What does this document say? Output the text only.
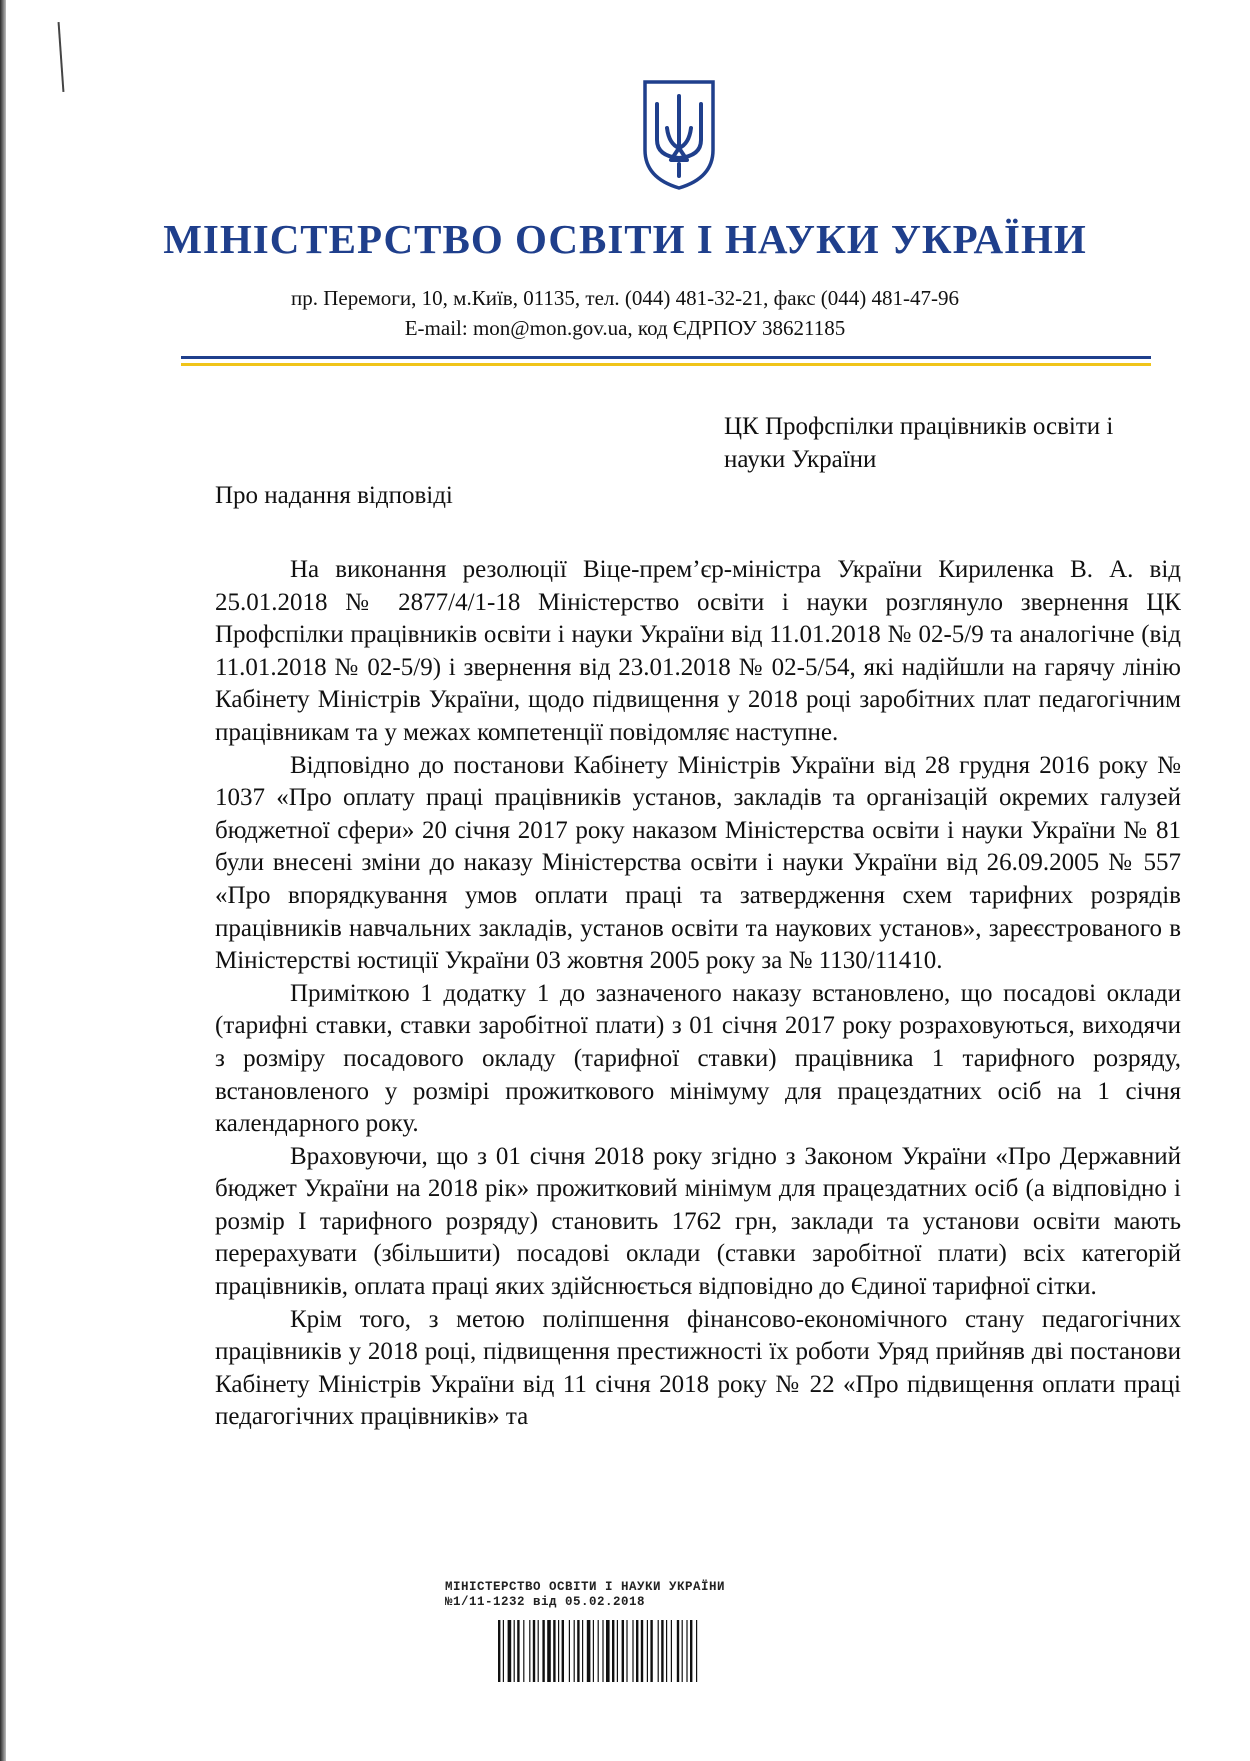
МІНІСТЕРСТВО ОСВІТИ І НАУКИ УКРАЇНИ
пр. Перемоги, 10, м.Київ, 01135, тел. (044) 481-32-21, факс (044) 481-47-96
E-mail: mon@mon.gov.ua, код ЄДРПОУ 38621185
ЦК Профспілки працівників освіти і
науки України
Про надання відповіді

На виконання резолюції Віце-прем’єр-міністра України Кириленка В. А. від 25.01.2018 № 2877/4/1-18 Міністерство освіти і науки розглянуло звернення ЦК Профспілки працівників освіти і науки України від 11.01.2018 № 02-5/9 та аналогічне (від 11.01.2018 № 02-5/9) і звернення від 23.01.2018 № 02-5/54, які надійшли на гарячу лінію Кабінету Міністрів України, щодо підвищення у 2018 році заробітних плат педагогічним працівникам та у межах компетенції повідомляє наступне.

Відповідно до постанови Кабінету Міністрів України від 28 грудня 2016 року № 1037 «Про оплату праці працівників установ, закладів та організацій окремих галузей бюджетної сфери» 20 січня 2017 року наказом Міністерства освіти і науки України № 81 були внесені зміни до наказу Міністерства освіти і науки України від 26.09.2005 № 557 «Про впорядкування умов оплати праці та затвердження схем тарифних розрядів працівників навчальних закладів, установ освіти та наукових установ», зареєстрованого в Міністерстві юстиції України 03 жовтня 2005 року за № 1130/11410.

Приміткою 1 додатку 1 до зазначеного наказу встановлено, що посадові оклади (тарифні ставки, ставки заробітної плати) з 01 січня 2017 року розраховуються, виходячи з розміру посадового окладу (тарифної ставки) працівника 1 тарифного розряду, встановленого у розмірі прожиткового мінімуму для працездатних осіб на 1 січня календарного року.

Враховуючи, що з 01 січня 2018 року згідно з Законом України «Про Державний бюджет України на 2018 рік» прожитковий мінімум для працездатних осіб (а відповідно і розмір I тарифного розряду) становить 1762 грн, заклади та установи освіти мають перерахувати (збільшити) посадові оклади (ставки заробітної плати) всіх категорій працівників, оплата праці яких здійснюється відповідно до Єдиної тарифної сітки.

Крім того, з метою поліпшення фінансово-економічного стану педагогічних працівників у 2018 році, підвищення престижності їх роботи Уряд прийняв дві постанови Кабінету Міністрів України від 11 січня 2018 року № 22 «Про підвищення оплати праці педагогічних працівників» та

МІНІСТЕРСТВО ОСВІТИ І НАУКИ УКРАЇНИ
№1/11-1232 від 05.02.2018
